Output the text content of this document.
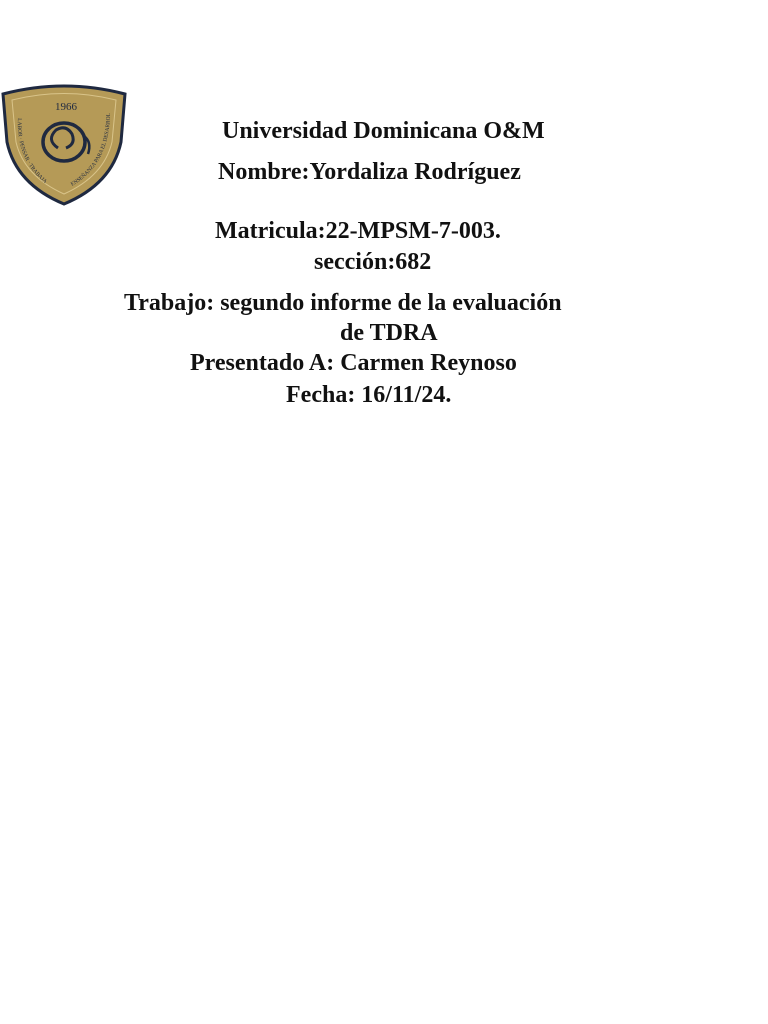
1966
LABOR · PENSAR · TRABAJA	ENSEÑANZA PARA EL DESARROL
Universidad Dominicana O&M
Nombre:Yordaliza Rodríguez
Matricula:22-MPSM-7-003.
sección:682
Trabajo: segundo informe de la evaluación
de TDRA
Presentado A: Carmen Reynoso
Fecha: 16/11/24.
